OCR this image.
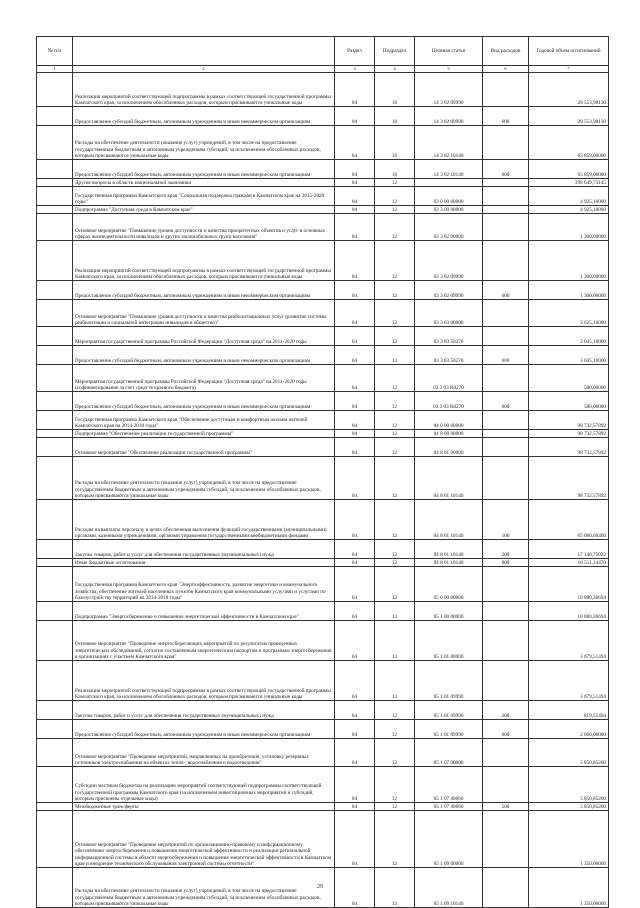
№ п/п		Раздел	Подраздел	Целевая статья	Вид расходов	Годовой объем ассигнований
1	2	3	4	5	6	7
	Реализация мероприятий соответствующей подпрограммы в рамках соответствующей государственной программы Камчатского края, за исключением обособленных расходов, которым присваиваются уникальные коды	04	10	14 3 02 09990		28 553,98130
	Предоставление субсидий бюджетным, автономным учреждениям и иным некоммерческим организациям	04	10	14 3 02 09990	600	28 553,98130
	Расходы на обеспечение деятельности (оказание услуг) учреждений, в том числе на предоставление государственным бюджетным и автономным учреждениям субсидий, за исключением обособленных расходов, которым присваиваются уникальные коды	04	10	14 3 02 10140		65 859,00000
	Предоставление субсидий бюджетным, автономным учреждениям и иным некоммерческим организациям	04	10	14 3 02 10140	600	65 859,00000
	Другие вопросы в области национальной экономики	04	12			398 649,73145
	Государственная программа Камчатского края "Социальная поддержка граждан в Камчатском крае на 2015-2020 годы"	04	12	03 0 00 00000		4 925,10000
	Подпрограмма "Доступная среда в Камчатском крае"	04	12	03 3 00 00000		4 925,10000
	Основное мероприятие "Повышение уровня доступности и качества приоритетных объектов и услуг в основных сферах жизнедеятельности инвалидов и других маломобильных групп населения"	04	12	03 3 02 00000		1 300,00000
	Реализация мероприятий соответствующей подпрограммы в рамках соответствующей государственной программы Камчатского края, за исключением обособленных расходов, которым присваиваются уникальные коды	04	12	03 3 02 09990		1 300,00000
	Предоставление субсидий бюджетным, автономным учреждениям и иным некоммерческим организациям	04	12	03 3 02 09990	600	1 300,00000
	Основное мероприятие "Повышение уровня доступности и качества реабилитационных услуг (развитие системы реабилитации и социальной интеграции инвалидов в общество)"	04	12	03 3 03 00000		3 625,10000
	Мероприятия государственной программы Российской Федерации "Доступная среда" на 2011-2020 годы	04	12	03 3 03 50270		3 045,10000
	Предоставление субсидий бюджетным, автономным учреждениям и иным некоммерческим организациям	04	12	03 3 03 50270	600	3 045,10000
	Мероприятия государственной программы Российской Федерации "Доступная среда" на 2011-2020 годы (софинансирование за счет средств краевого бюджета)	04	12	03 3 03 R0270		580,00000
	Предоставление субсидий бюджетным, автономным учреждениям и иным некоммерческим организациям	04	12	03 3 03 R0270	600	580,00000
	Государственная программа Камчатского края "Обеспечение доступным и комфортным жильем жителей Камчатского края на 2014-2018 годы"	04	12	04 0 00 00000		98 732,57892
	Подпрограмма "Обеспечение реализации государственной программы"	04	12	04 8 00 00000		98 732,57892
	Основное мероприятие "Обеспечение реализации государственной программы"	04	12	04 8 01 00000		98 732,57892
	Расходы на обеспечение деятельности (оказание услуг) учреждений, в том числе на предоставление государственным бюджетным и автономным учреждениям субсидий, за исключением обособленных расходов, которым присваиваются уникальные коды	04	12	04 8 01 10140		98 732,57892
	Расходы на выплаты персоналу в целях обеспечения выполнения функций государственными (муниципальными) органами, казенными учреждениями, органами управления государственными внебюджетными фондами	04	12	04 8 01 10140	100	65 080,68400
	Закупка товаров, работ и услуг для обеспечения государственных (муниципальных) нужд	04	12	04 8 01 10140	200	17 140,75022
	Иные бюджетные ассигнования	04	12	04 8 01 10140	800	16 511,14470
	Государственная программа Камчатского края "Энергоэффективность, развитие энергетики и коммунального хозяйства, обеспечение жителей населенных пунктов Камчатского края коммунальными услугами и услугами по благоустройству территорий на 2014-2018 годы"	04	12	05 0 00 00000		10 880,36694
	Подпрограмма "Энергосбережение и повышение энергетической эффективности в Камчатском крае"	04	12	05 1 00 00000		10 880,36694
	Основное мероприятие "Проведение энергосберегающих мероприятий по результатам проведенных энергетических обследований, согласно составленным энергетическим паспортам и программам энергосбережения в организациях с участием Камчатского края"	04	12	05 1 01 00000		3 679,51494
	Реализация мероприятий соответствующей подпрограммы в рамках соответствующей государственной программы Камчатского края, за исключением обособленных расходов, которым присваиваются уникальные коды	04	12	05 1 01 09990		3 679,51494
	Закупка товаров, работ и услуг для обеспечения государственных (муниципальных) нужд	04	12	05 1 01 09990	200	819,51494
	Предоставление субсидий бюджетным, автономным учреждениям и иным некоммерческим организациям	04	12	05 1 01 09990	600	2 860,00000
	Основное мероприятие "Проведение мероприятий, направленных на приобретение, установку резервных источников электроснабжения на объектах тепло-, водоснабжения и водоотведения"	04	12	05 1 07 00000		5 850,85200
	Субсидии местным бюджетам на реализацию мероприятий соответствующей подпрограммы соответствующей государственной программы Камчатского края (за исключением инвестиционных мероприятий и субсидий, которым присвоены отдельные коды)	04	12	05 1 07 40060		5 850,85200
	Межбюджетные трансферты	04	12	05 1 07 40060	500	5 850,85200
	Основное мероприятие "Проведение мероприятий по организационно-правовому и информационному обеспечению энергосбережения и повышения энергетической эффективности и реализации региональной информационной системы в области энергосбережения и повышения энергетической эффективности в Камчатском крае и внедрение технического обслуживания электронной системы отчетности"	04	12	05 1 09 00000		1 350,00000
	Расходы на обеспечение деятельности (оказание услуг) учреждений, в том числе на предоставление государственным бюджетным и автономным учреждениям субсидий, за исключением обособленных расходов, которым присваиваются уникальные коды	04	12	05 1 09 10140		1 350,00000
29
